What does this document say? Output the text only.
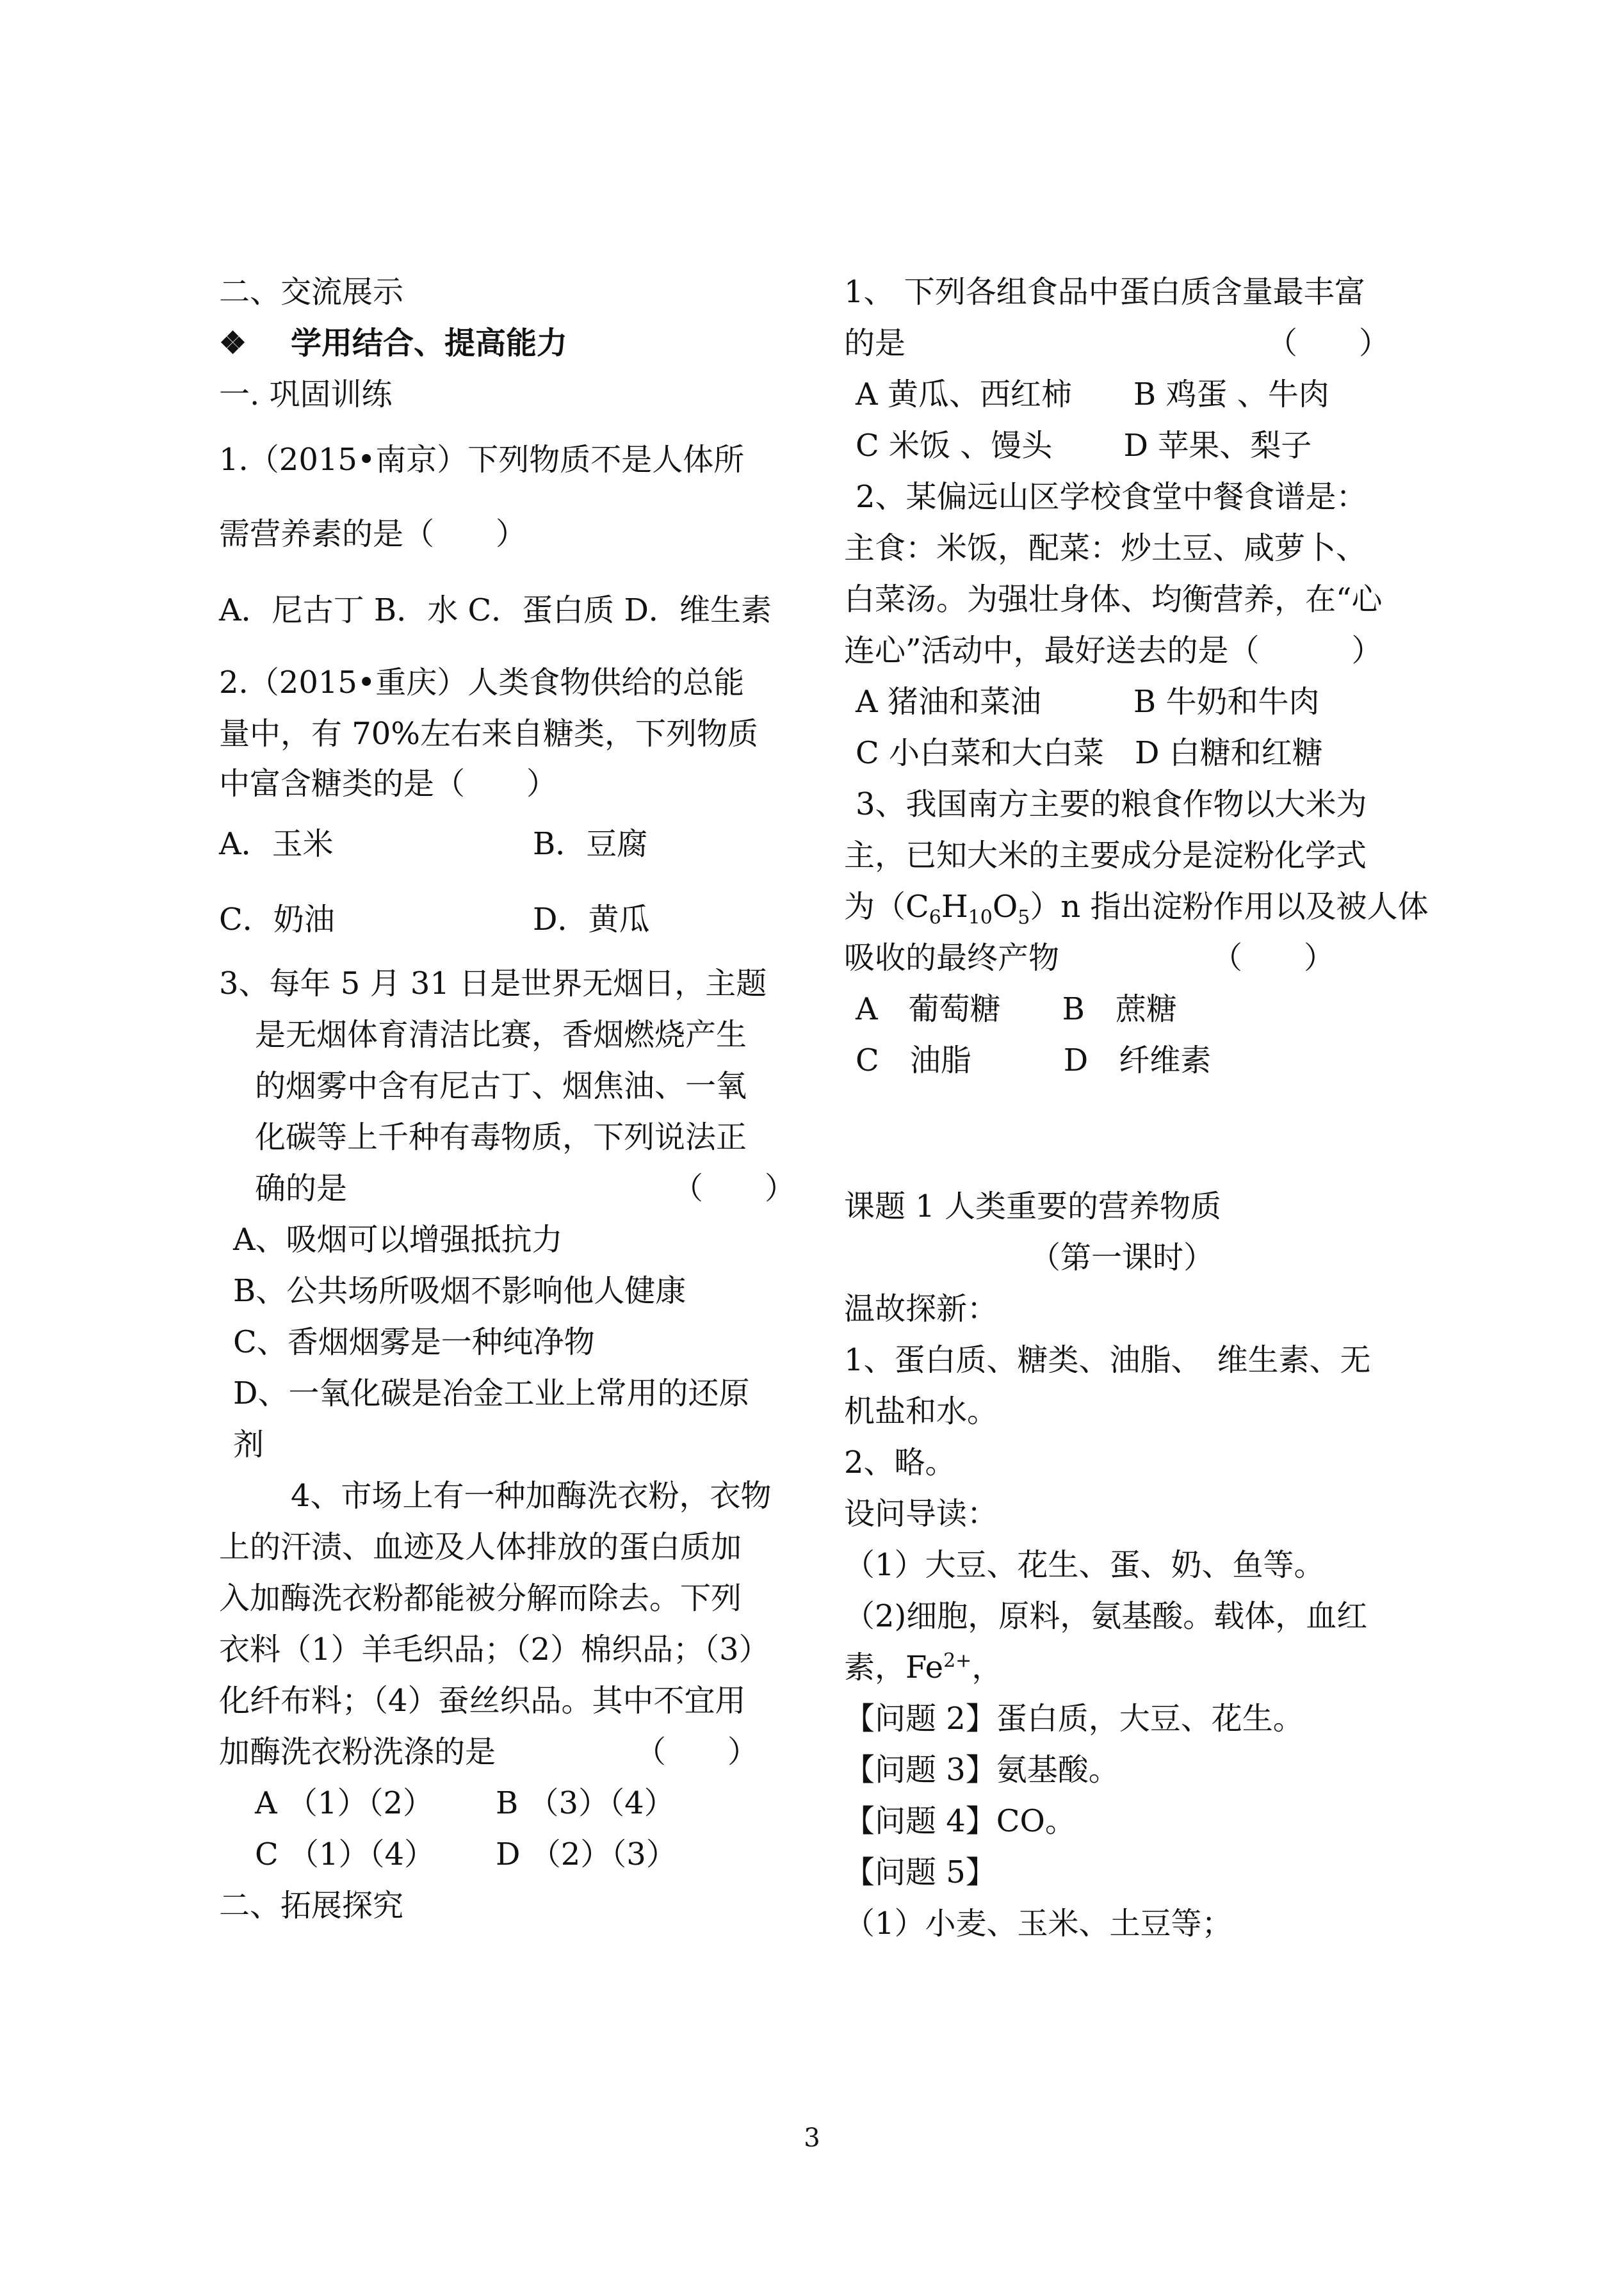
二、交流展示
❖ 学用结合、提高能力
一. 巩固训练
1.（2015•南京）下列物质不是人体所
需营养素的是（　　）
A．尼古丁 B．水 C．蛋白质 D．维生素
2.（2015•重庆）人类食物供给的总能
量中，有 70%左右来自糖类，下列物质
中富含糖类的是（　　）
A．玉米	B．豆腐
C．奶油	D．黄瓜
3、每年 5 月 31 日是世界无烟日，主题
是无烟体育清洁比赛，香烟燃烧产生
的烟雾中含有尼古丁、烟焦油、一氧
化碳等上千种有毒物质，下列说法正
确的是	（　　）
A、吸烟可以增强抵抗力
B、公共场所吸烟不影响他人健康
C、香烟烟雾是一种纯净物
D、一氧化碳是冶金工业上常用的还原
剂
4、市场上有一种加酶洗衣粉，衣物
上的汗渍、血迹及人体排放的蛋白质加
入加酶洗衣粉都能被分解而除去。下列
衣料（1）羊毛织品；（2）棉织品；（3）
化纤布料；（4）蚕丝织品。其中不宜用
加酶洗衣粉洗涤的是	（　　）
A （1）（2） B （3）（4）
C （1）（4） D （2）（3）
二、拓展探究
1、 下列各组食品中蛋白质含量最丰富
的是	（　　）
A 黄瓜、西红柿　　B 鸡蛋 、牛肉
C 米饭 、馒头　　 D 苹果、梨子
2、某偏远山区学校食堂中餐食谱是：
主食：米饭，配菜：炒土豆、咸萝卜、
白菜汤。为强壮身体、均衡营养，在“心
连心”活动中，最好送去的是（　　　）
A 猪油和菜油　　　B 牛奶和牛肉
C 小白菜和大白菜　D 白糖和红糖
3、我国南方主要的粮食作物以大米为
主，已知大米的主要成分是淀粉化学式
为$(C_6H_{10}O_5)n$ 指出淀粉作用以及被人体
吸收的最终产物	（　　）
A　葡萄糖　　B　蔗糖
C　油脂　　　D　纤维素
课题 1 人类重要的营养物质
（第一课时）
温故探新：
1、蛋白质、糖类、油脂、　维生素、无
机盐和水。
2、略。
设问导读：
（1）大豆、花生、蛋、奶、鱼等。
（2)细胞，原料，氨基酸。载体，血红
素，$Fe^{2+}$，
【问题 2】蛋白质，大豆、花生。
【问题 3】氨基酸。
【问题 4】CO。
【问题 5】
（1）小麦、玉米、土豆等；
3
